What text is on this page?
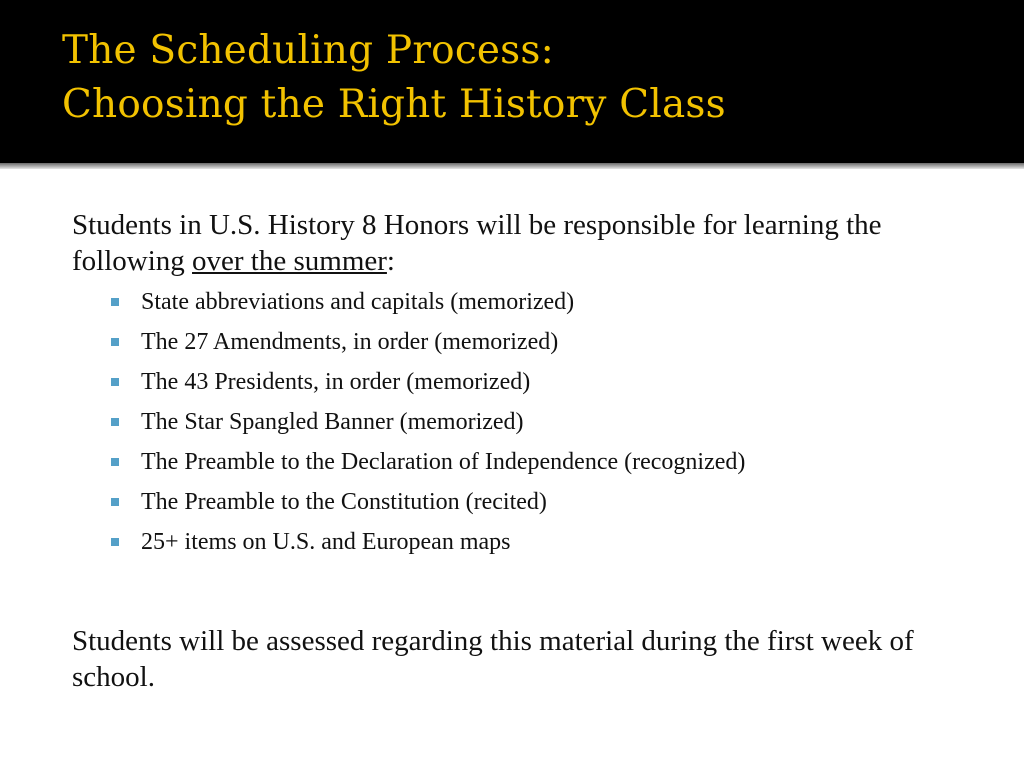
The Scheduling Process:
Choosing the Right History Class

Students in U.S. History 8 Honors will be responsible for learning the following over the summer:

State abbreviations and capitals (memorized)
The 27 Amendments, in order (memorized)
The 43 Presidents, in order (memorized)
The Star Spangled Banner (memorized)
The Preamble to the Declaration of Independence (recognized)
The Preamble to the Constitution (recited)
25+ items on U.S. and European maps

Students will be assessed regarding this material during the first week of school.
